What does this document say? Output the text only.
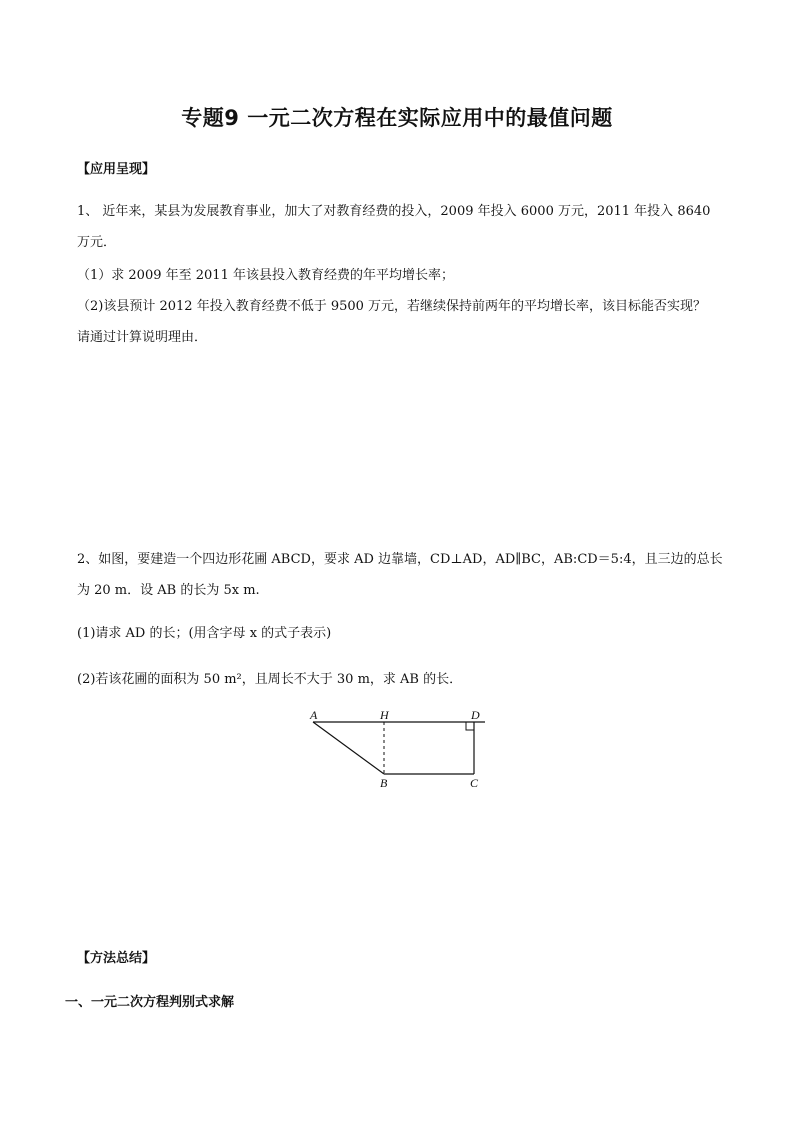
专题9 一元二次方程在实际应用中的最值问题
【应用呈现】
1、 近年来，某县为发展教育事业，加大了对教育经费的投入，2009 年投入 6000 万元，2011 年投入 8640
万元．
（1）求 2009 年至 2011 年该县投入教育经费的年平均增长率；
（2)该县预计 2012 年投入教育经费不低于 9500 万元，若继续保持前两年的平均增长率，该目标能否实现？
请通过计算说明理由．
2、如图，要建造一个四边形花圃 ABCD，要求 AD 边靠墙，CD⊥AD，AD∥BC，AB:CD＝5:4，且三边的总长
为 20 m．设 AB 的长为 5x m.
(1)请求 AD 的长；(用含字母 x 的式子表示)
(2)若该花圃的面积为 50 m²，且周长不大于 30 m，求 AB 的长．
A	H	D
B	C
【方法总结】
一、一元二次方程判别式求解
